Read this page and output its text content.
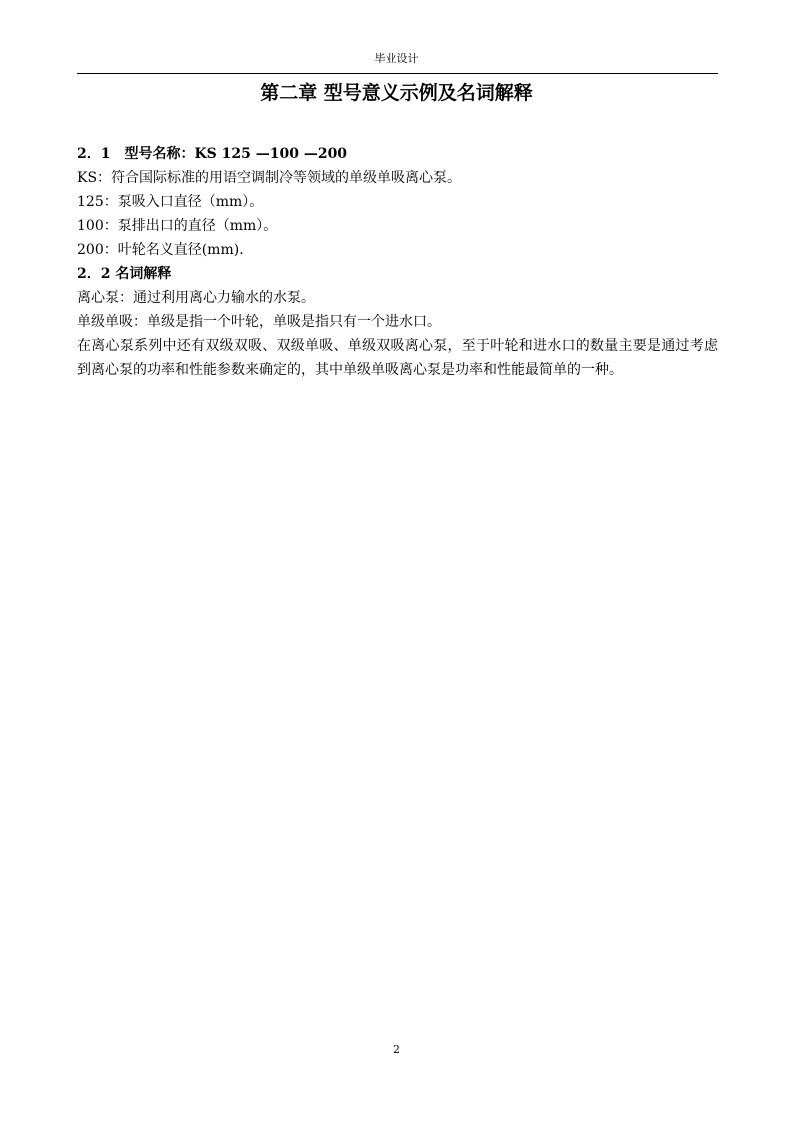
毕业设计
第二章 型号意义示例及名词解释

2．1　型号名称：KS 125 —100 —200

KS：符合国际标准的用语空调制冷等领域的单级单吸离心泵。

125：泵吸入口直径（mm）。

100：泵排出口的直径（mm）。

200：叶轮名义直径(mm).

2．2 名词解释

离心泵：通过利用离心力输水的水泵。

单级单吸：单级是指一个叶轮，单吸是指只有一个进水口。

在离心泵系列中还有双级双吸、双级单吸、单级双吸离心泵，至于叶轮和进水口的数量主要是通过考虑到离心泵的功率和性能参数来确定的，其中单级单吸离心泵是功率和性能最简单的一种。

2
